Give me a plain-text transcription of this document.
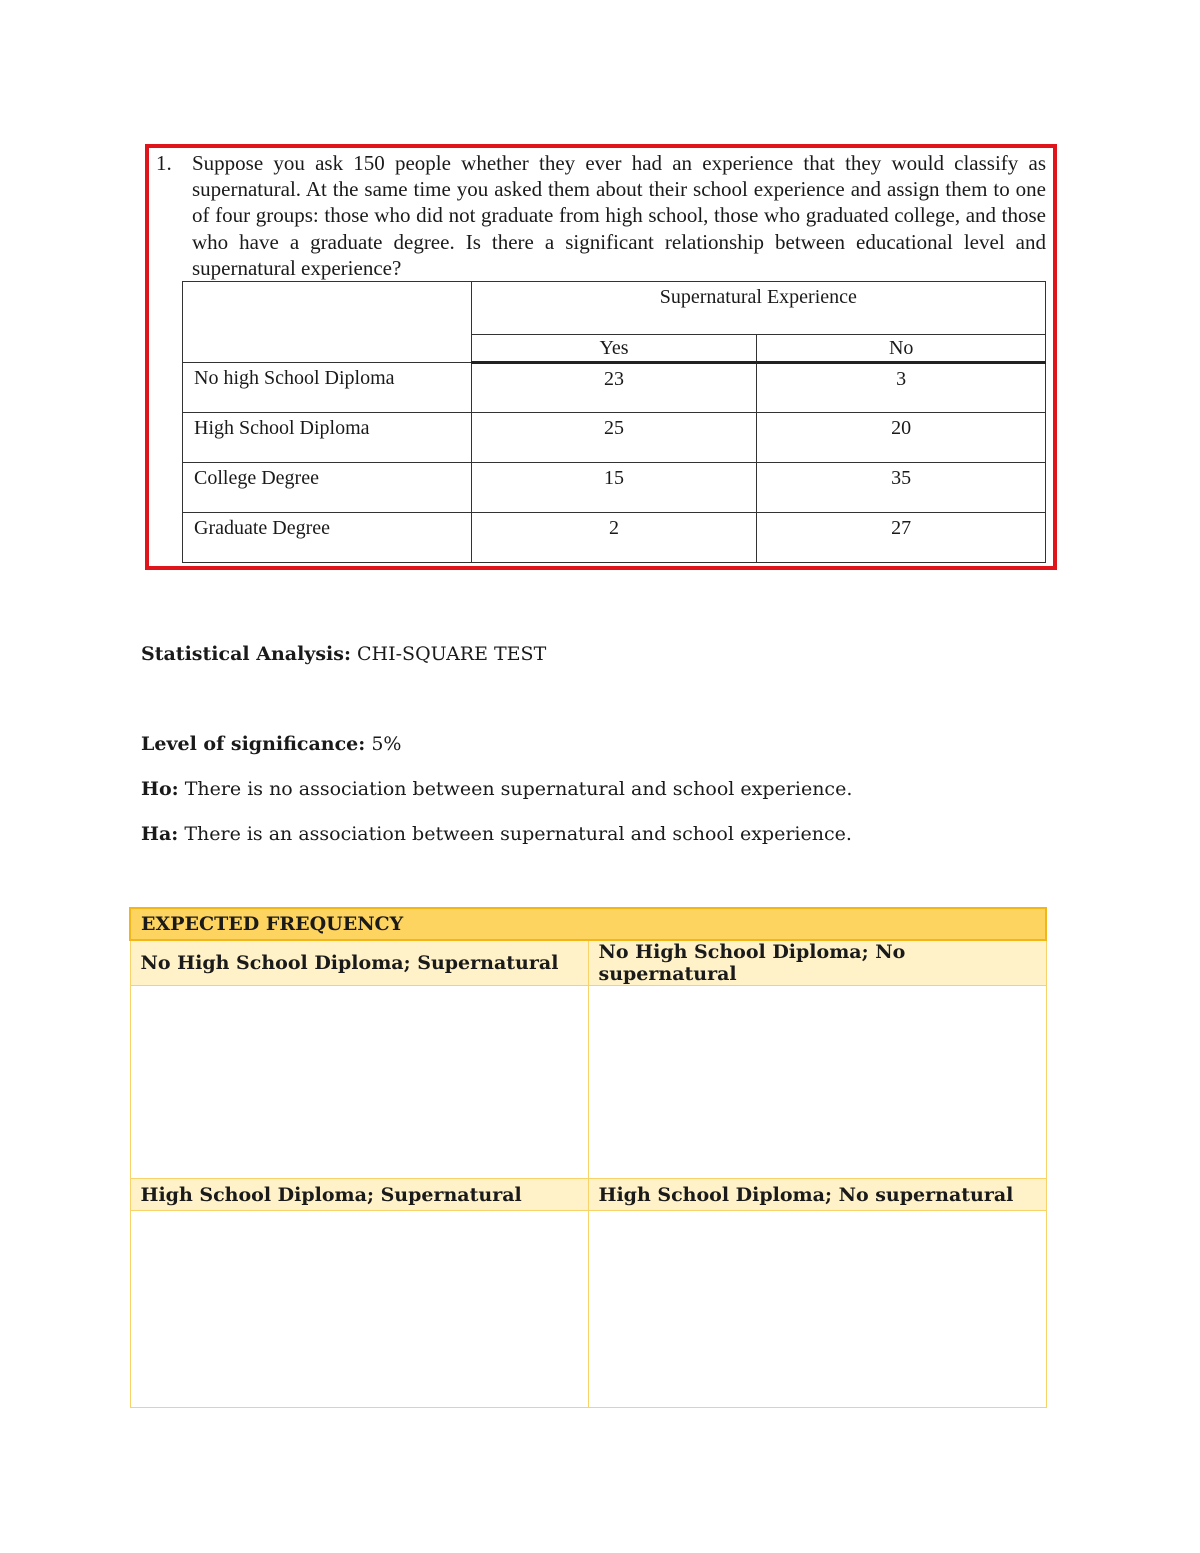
1. Suppose you ask 150 people whether they ever had an experience that they would classify as supernatural. At the same time you asked them about their school experience and assign them to one of four groups: those who did not graduate from high school, those who graduated college, and those who have a graduate degree. Is there a significant relationship between educational level and supernatural experience?
	Supernatural Experience	
	Yes	No
No high School Diploma	23	3
High School Diploma	25	20
College Degree	15	35
Graduate Degree	2	27
Statistical Analysis: CHI-SQUARE TEST
Level of significance: 5%
Ho: There is no association between supernatural and school experience.
Ha: There is an association between supernatural and school experience.
EXPECTED FREQUENCY	
No High School Diploma; Supernatural	No High School Diploma; No supernatural

High School Diploma; Supernatural	High School Diploma; No supernatural
